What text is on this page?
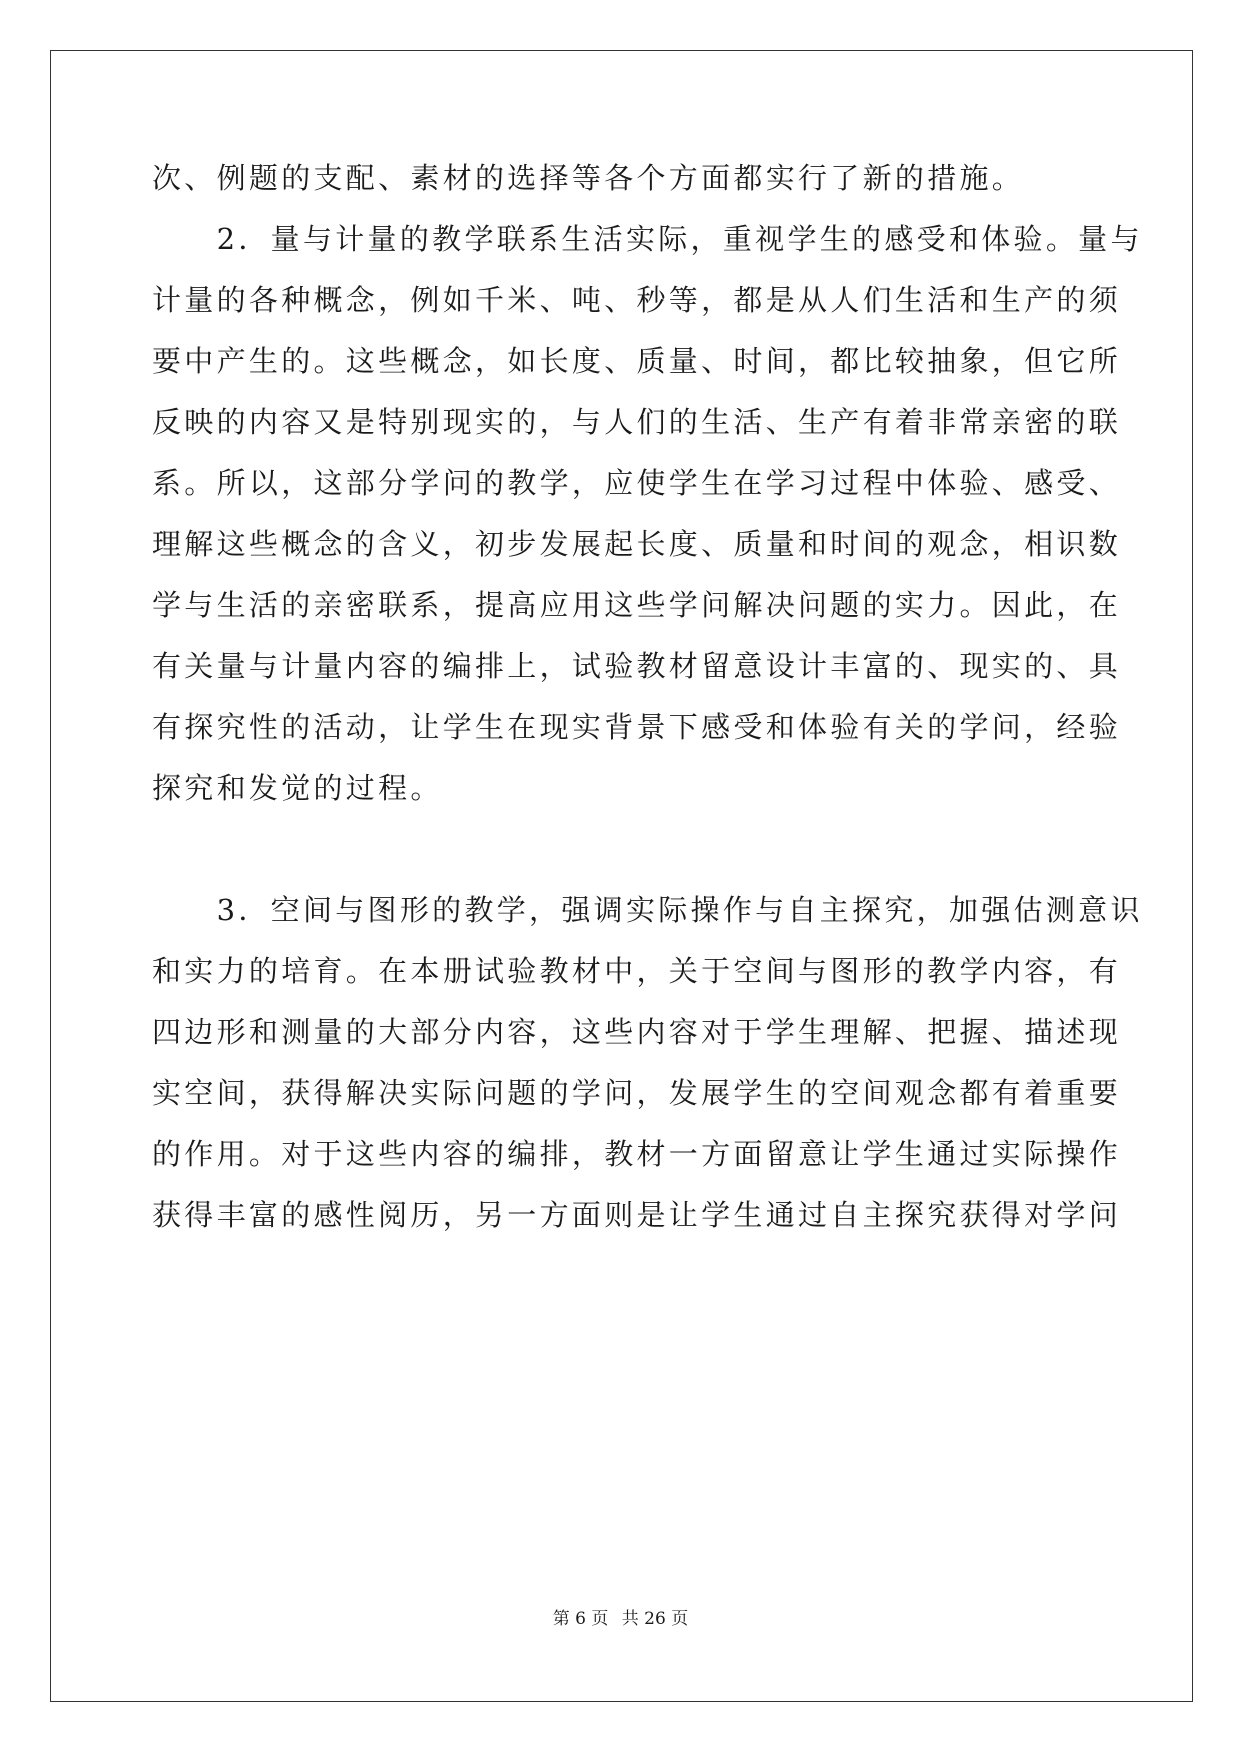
次、例题的支配、素材的选择等各个方面都实行了新的措施。
　　2．量与计量的教学联系生活实际，重视学生的感受和体验。量与
计量的各种概念，例如千米、吨、秒等，都是从人们生活和生产的须
要中产生的。这些概念，如长度、质量、时间，都比较抽象，但它所
反映的内容又是特别现实的，与人们的生活、生产有着非常亲密的联
系。所以，这部分学问的教学，应使学生在学习过程中体验、感受、
理解这些概念的含义，初步发展起长度、质量和时间的观念，相识数
学与生活的亲密联系，提高应用这些学问解决问题的实力。因此，在
有关量与计量内容的编排上，试验教材留意设计丰富的、现实的、具
有探究性的活动，让学生在现实背景下感受和体验有关的学问，经验
探究和发觉的过程。
　　3．空间与图形的教学，强调实际操作与自主探究，加强估测意识
和实力的培育。在本册试验教材中，关于空间与图形的教学内容，有
四边形和测量的大部分内容，这些内容对于学生理解、把握、描述现
实空间，获得解决实际问题的学问，发展学生的空间观念都有着重要
的作用。对于这些内容的编排，教材一方面留意让学生通过实际操作
获得丰富的感性阅历，另一方面则是让学生通过自主探究获得对学问
第 6 页 共 26 页
